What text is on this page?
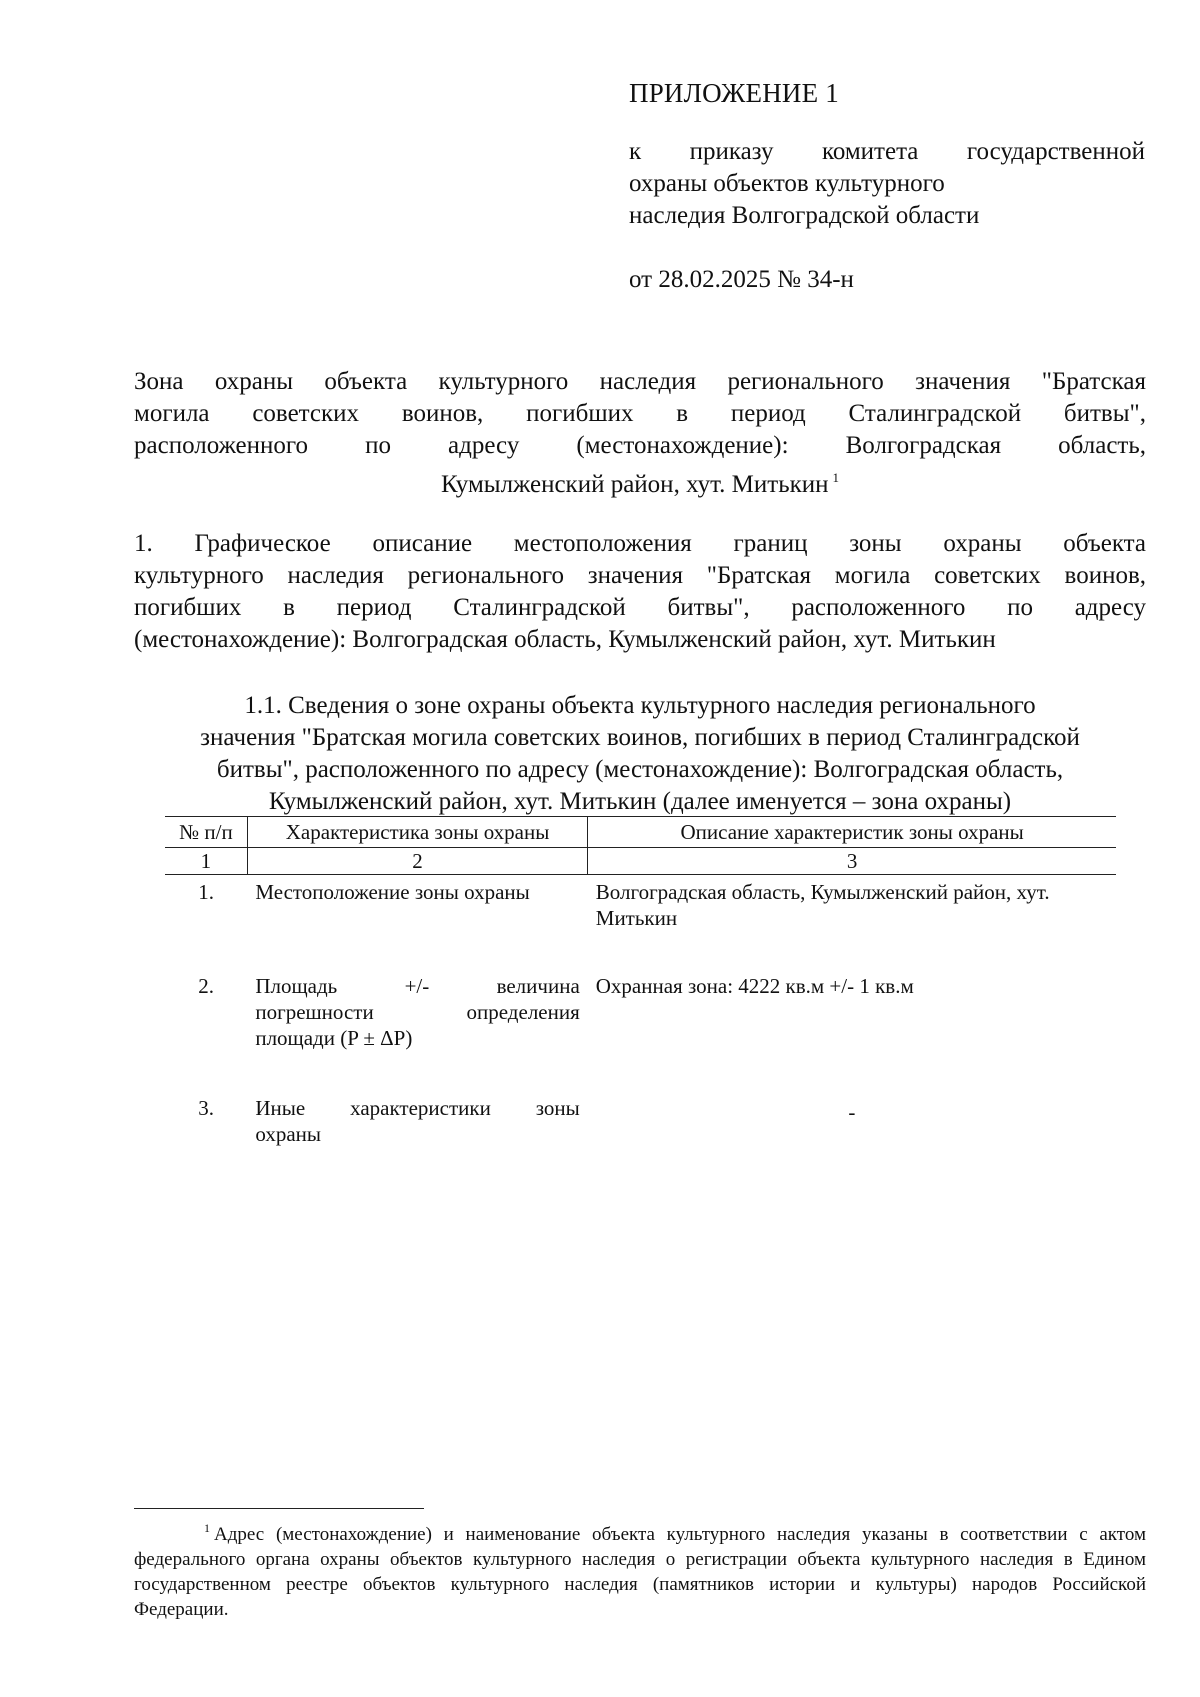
ПРИЛОЖЕНИЕ 1
к приказу комитета государственной
охраны объектов культурного
наследия Волгоградской области
от 28.02.2025 № 34-н
Зона охраны объекта культурного наследия регионального значения "Братская
могила советских воинов, погибших в период Сталинградской битвы",
расположенного по адресу (местонахождение): Волгоградская область,
Кумылженский район, хут. Митькин $^1$
1. Графическое описание местоположения границ зоны охраны объекта
культурного наследия регионального значения "Братская могила советских воинов,
погибших в период Сталинградской битвы", расположенного по адресу
(местонахождение): Волгоградская область, Кумылженский район, хут. Митькин
1.1. Сведения о зоне охраны объекта культурного наследия регионального
значения "Братская могила советских воинов, погибших в период Сталинградской
битвы", расположенного по адресу (местонахождение): Волгоградская область,
Кумылженский район, хут. Митькин (далее именуется – зона охраны)
№ п/п	Характеристика зоны охраны	Описание характеристик зоны охраны
1	2	3
1.	Местоположение зоны охраны	Волгоградская область, Кумылженский район, хут. Митькин
2.	Площадь +/- величина
погрешности определения
площади (P ± ΔP)	Охранная зона: 4222 кв.м +/- 1 кв.м
3.	Иные характеристики зоны
охраны	-
$^1$ Адрес (местонахождение) и наименование объекта культурного наследия указаны в соответствии с актом
федерального органа охраны объектов культурного наследия о регистрации объекта культурного наследия в Едином
государственном реестре объектов культурного наследия (памятников истории и культуры) народов Российской
Федерации.
